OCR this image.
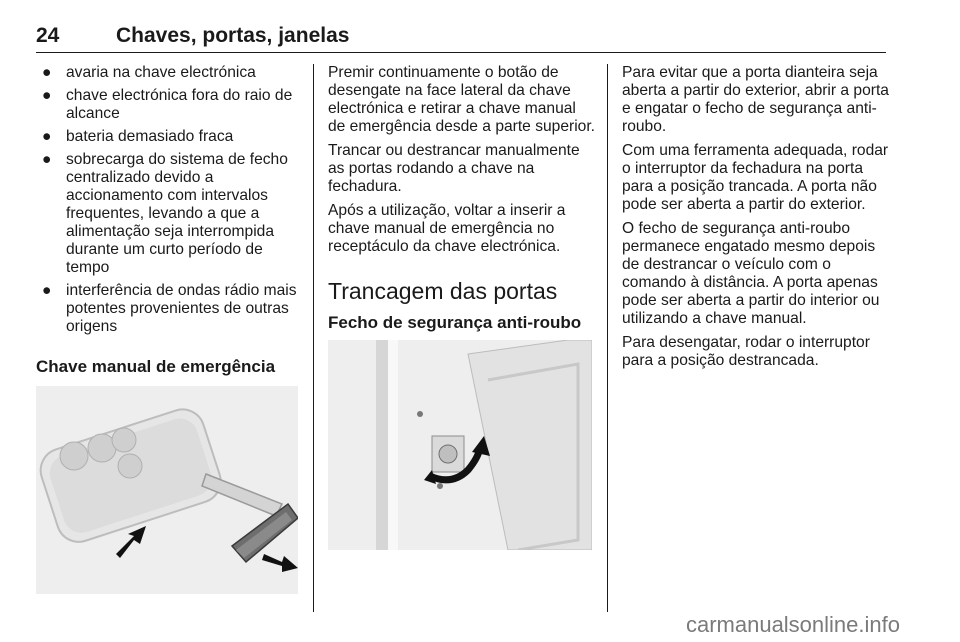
24	Chaves, portas, janelas
● avaria na chave electrónica
● chave electrónica fora do raio de alcance
● bateria demasiado fraca
● sobrecarga do sistema de fecho centralizado devido a accionamento com intervalos frequentes, levando a que a alimentação seja interrompida durante um curto período de tempo
● interferência de ondas rádio mais potentes provenientes de outras origens
Chave manual de emergência

Premir continuamente o botão de desengate na face lateral da chave electrónica e retirar a chave manual de emergência desde a parte superior.

Trancar ou destrancar manualmente as portas rodando a chave na fechadura.

Após a utilização, voltar a inserir a chave manual de emergência no receptáculo da chave electrónica.

Trancagem das portas
Fecho de segurança anti-roubo

Para evitar que a porta dianteira seja aberta a partir do exterior, abrir a porta e engatar o fecho de segurança anti-roubo.

Com uma ferramenta adequada, rodar o interruptor da fechadura na porta para a posição trancada. A porta não pode ser aberta a partir do exterior.

O fecho de segurança anti-roubo permanece engatado mesmo depois de destrancar o veículo com o comando à distância. A porta apenas pode ser aberta a partir do interior ou utilizando a chave manual.

Para desengatar, rodar o interruptor para a posição destrancada.

carmanualsonline.info
